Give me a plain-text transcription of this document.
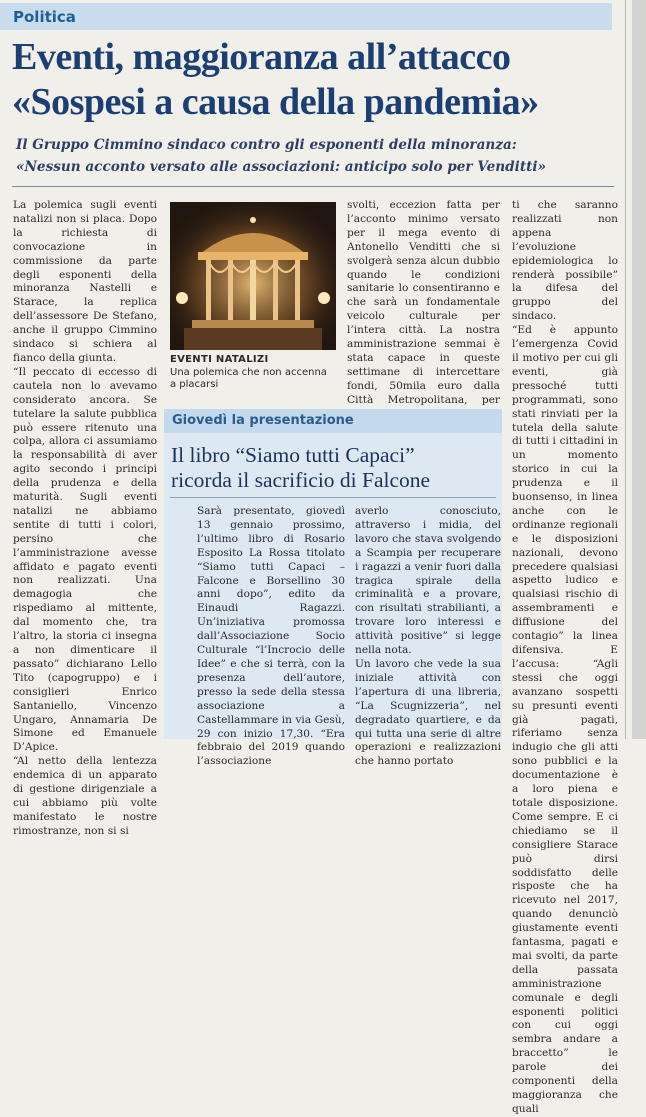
Politica
Eventi, maggioranza all’attacco
«Sospesi a causa della pandemia»
Il Gruppo Cimmino sindaco contro gli esponenti della minoranza:
«Nessun acconto versato alle associazioni: anticipo solo per Venditti»

La polemica sugli eventi natalizi non si placa. Dopo la richiesta di convocazione in commissione da parte degli esponenti della minoranza Nastelli e Starace, la replica dell’assessore De Stefano, anche il gruppo Cimmino sindaco si schiera al fianco della giunta.

“Il peccato di eccesso di cautela non lo avevamo considerato ancora. Se tutelare la salute pubblica può essere ritenuto una colpa, allora ci assumiamo la responsabilità di aver agito secondo i principi della prudenza e della maturità. Sugli eventi natalizi ne abbiamo sentite di tutti i colori, persino che l’amministrazione avesse affidato e pagato eventi non realizzati. Una demagogia che rispediamo al mittente, dal momento che, tra l’altro, la storia ci insegna a non dimenticare il passato” dichiarano Lello Tito (capogruppo) e i consiglieri Enrico Santaniello, Vincenzo Ungaro, Annamaria De Simone ed Emanuele D’Apice.

“Al netto della lentezza endemica di un apparato di gestione dirigenziale a cui abbiamo più volte manifestato le nostre rimostranze, non si si

EVENTI NATALIZI
Una polemica che non accenna a placarsi

svolti, eccezion fatta per l’acconto minimo versato per il mega evento di Antonello Venditti che si svolgerà senza alcun dubbio quando le condizioni sanitarie lo consentiranno e che sarà un fondamentale veicolo culturale per l’intera città. La nostra amministrazione semmai è stata capace in queste settimane di intercettare fondi, 50mila euro dalla Città Metropolitana, per

ti che saranno realizzati non appena l’evoluzione epidemiologica lo renderà possibile” la difesa del gruppo del sindaco.

“Ed è appunto l’emergenza Covid il motivo per cui gli eventi, già pressoché tutti programmati, sono stati rinviati per la tutela della salute di tutti i cittadini in un momento storico in cui la prudenza e il buonsenso, in linea anche con le ordinanze regionali e le disposizioni nazionali, devono precedere qualsiasi aspetto ludico e qualsiasi rischio di assembramenti e diffusione del contagio” la linea difensiva. E l’accusa: “Agli stessi che oggi avanzano sospetti su presunti eventi già pagati, riferiamo senza indugio che gli atti sono pubblici e la documentazione è a loro piena e totale disposizione. Come sempre. E ci chiediamo se il consigliere Starace può dirsi soddisfatto delle risposte che ha ricevuto nel 2017, quando denunciò giustamente eventi fantasma, pagati e mai svolti, da parte della passata amministrazione comunale e degli esponenti politici con cui oggi sembra andare a braccetto” le parole dei componenti della maggioranza che quali

Giovedì la presentazione
Il libro “Siamo tutti Capaci”
ricorda il sacrificio di Falcone

Sarà presentato, giovedì 13 gennaio prossimo, l’ultimo libro di Rosario Esposito La Rossa titolato “Siamo tutti Capaci – Falcone e Borsellino 30 anni dopo”, edito da Einaudi Ragazzi. Un’iniziativa promossa dall’Associazione Socio Culturale “l’Incrocio delle Idee” e che si terrà, con la presenza dell’autore, presso la sede della stessa associazione a Castellammare in via Gesù, 29 con inizio 17,30. “Era febbraio del 2019 quando l’associazione

averlo conosciuto, attraverso i midia, del lavoro che stava svolgendo a Scampia per recuperare i ragazzi a venir fuori dalla tragica spirale della criminalità e a provare, con risultati strabilianti, a trovare loro interessi e attività positive” si legge nella nota.

Un lavoro che vede la sua iniziale attività con l’apertura di una libreria, “La Scugnizzeria”, nel degradato quartiere, e da qui tutta una serie di altre operazioni e realizzazioni che hanno portato
